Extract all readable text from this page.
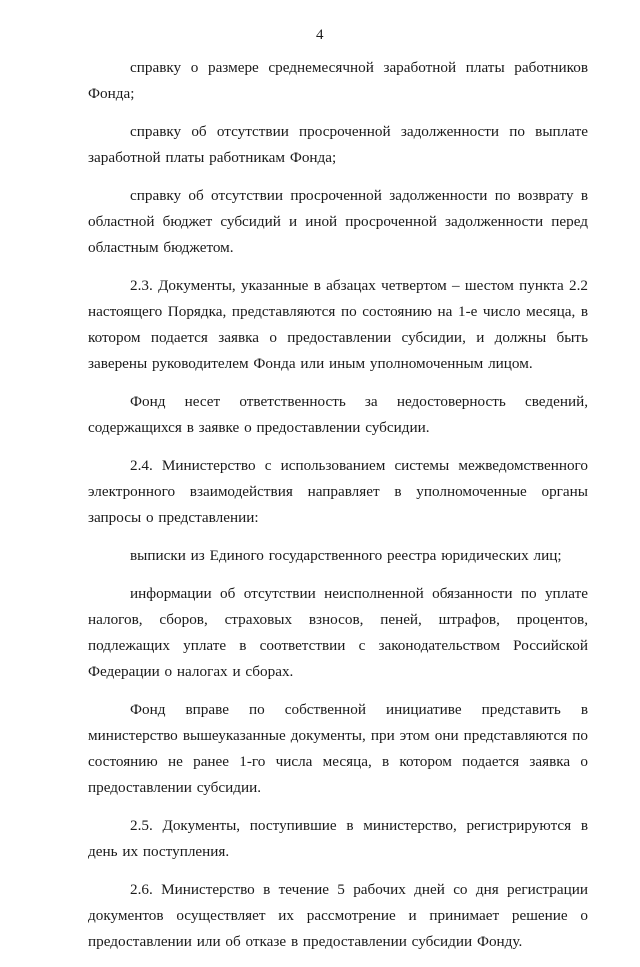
4

справку о размере среднемесячной заработной платы работников Фонда;

справку об отсутствии просроченной задолженности по выплате заработной платы работникам Фонда;

справку об отсутствии просроченной задолженности по возврату в областной бюджет субсидий и иной просроченной задолженности перед областным бюджетом.

2.3. Документы, указанные в абзацах четвертом – шестом пункта 2.2 настоящего Порядка, представляются по состоянию на 1-е число месяца, в котором подается заявка о предоставлении субсидии, и должны быть заверены руководителем Фонда или иным уполномоченным лицом.

Фонд несет ответственность за недостоверность сведений, содержащихся в заявке о предоставлении субсидии.

2.4. Министерство с использованием системы межведомственного электронного взаимодействия направляет в уполномоченные органы запросы о представлении:

выписки из Единого государственного реестра юридических лиц;

информации об отсутствии неисполненной обязанности по уплате налогов, сборов, страховых взносов, пеней, штрафов, процентов, подлежащих уплате в соответствии с законодательством Российской Федерации о налогах и сборах.

Фонд вправе по собственной инициативе представить в министерство вышеуказанные документы, при этом они представляются по состоянию не ранее 1-го числа месяца, в котором подается заявка о предоставлении субсидии.

2.5. Документы, поступившие в министерство, регистрируются в день их поступления.

2.6. Министерство в течение 5 рабочих дней со дня регистрации документов осуществляет их рассмотрение и принимает решение о предоставлении или об отказе в предоставлении субсидии Фонду.
